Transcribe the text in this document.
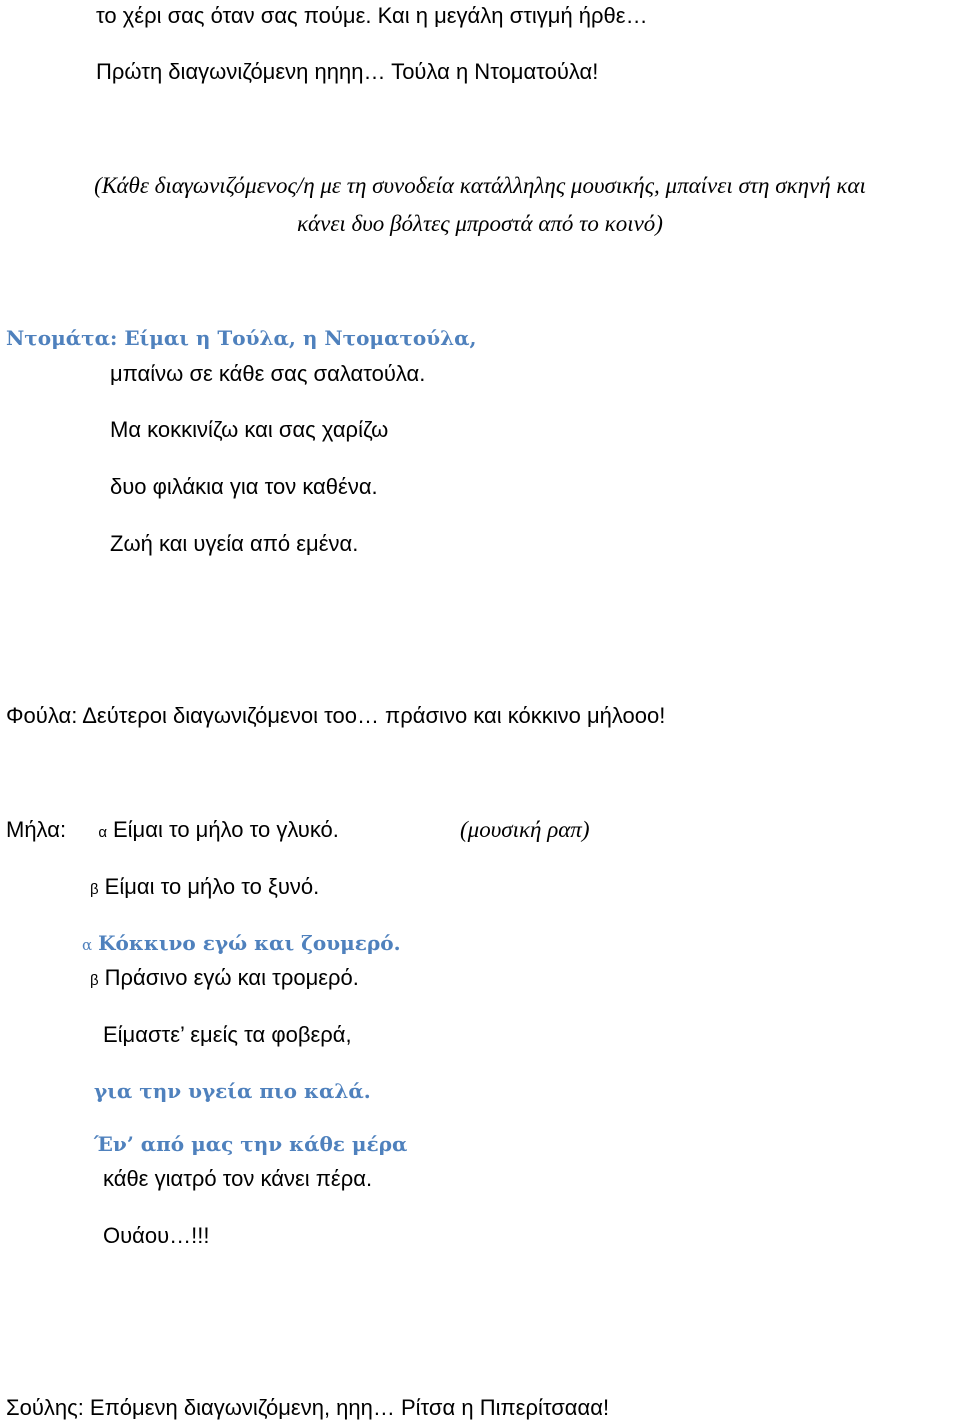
το χέρι σας όταν σας πούμε. Και η μεγάλη στιγμή ήρθε…

Πρώτη διαγωνιζόμενη ηηηη… Τούλα η Ντοματούλα!

(Κάθε διαγωνιζόμενος/η με τη συνοδεία κατάλληλης μουσικής, μπαίνει στη σκηνή και

κάνει δυο βόλτες μπροστά από το κοινό)

Ντομάτα: Είμαι η Τούλα, η Ντοματούλα,

μπαίνω σε κάθε σας σαλατούλα.

Μα κοκκινίζω και σας χαρίζω

δυο φιλάκια για τον καθένα.

Ζωή και υγεία από εμένα.

Φούλα: Δεύτεροι διαγωνιζόμενοι τοο… πράσινο και κόκκινο μήλοοο!

Μήλα: α Είμαι το μήλο το γλυκό.	(μουσική ραπ)

β Είμαι το μήλο το ξυνό.

α Κόκκινο εγώ και ζουμερό.

β Πράσινο εγώ και τρομερό.

Είμαστε’ εμείς τα φοβερά,

για την υγεία πιο καλά.

Έν’ από μας την κάθε μέρα

κάθε γιατρό τον κάνει πέρα.

Ουάου…!!!

Σούλης: Επόμενη διαγωνιζόμενη, ηηη… Ρίτσα η Πιπερίτσααα!
